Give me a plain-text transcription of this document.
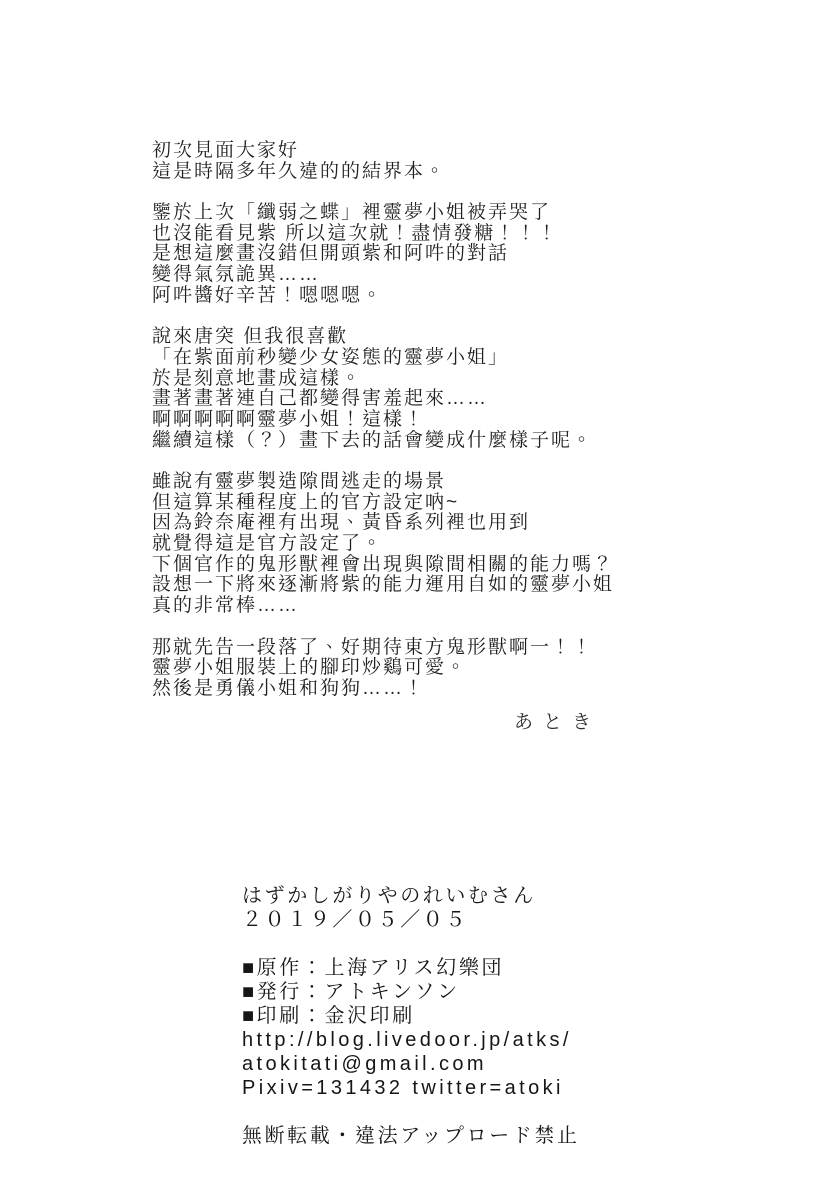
初次見面大家好
這是時隔多年久違的的結界本。

鑒於上次「纖弱之蝶」裡靈夢小姐被弄哭了
也沒能看見紫 所以這次就！盡情發糖！！！
是想這麼畫沒錯但開頭紫和阿吽的對話
變得氣氛詭異……
阿吽醬好辛苦！嗯嗯嗯。

說來唐突 但我很喜歡
「在紫面前秒變少女姿態的靈夢小姐」
於是刻意地畫成這樣。
畫著畫著連自己都變得害羞起來……
啊啊啊啊啊靈夢小姐！這樣！
繼續這樣（？）畫下去的話會變成什麼樣子呢。

雖說有靈夢製造隙間逃走的場景
但這算某種程度上的官方設定吶~
因為鈴奈庵裡有出現、黃昏系列裡也用到
就覺得這是官方設定了。
下個官作的鬼形獸裡會出現與隙間相關的能力嗎？
設想一下將來逐漸將紫的能力運用自如的靈夢小姐
真的非常棒……

那就先告一段落了、好期待東方鬼形獸啊一！！
靈夢小姐服裝上的腳印炒鷄可愛。
然後是勇儀小姐和狗狗……！

あとき
はずかしがりやのれいむさん
２０１９／０５／０５
■原作：上海アリス幻樂団
■発行：アトキンソン
■印刷：金沢印刷
http://blog.livedoor.jp/atks/
atokitati@gmail.com
Pixiv=131432 twitter=atoki
無断転載・違法アップロード禁止
